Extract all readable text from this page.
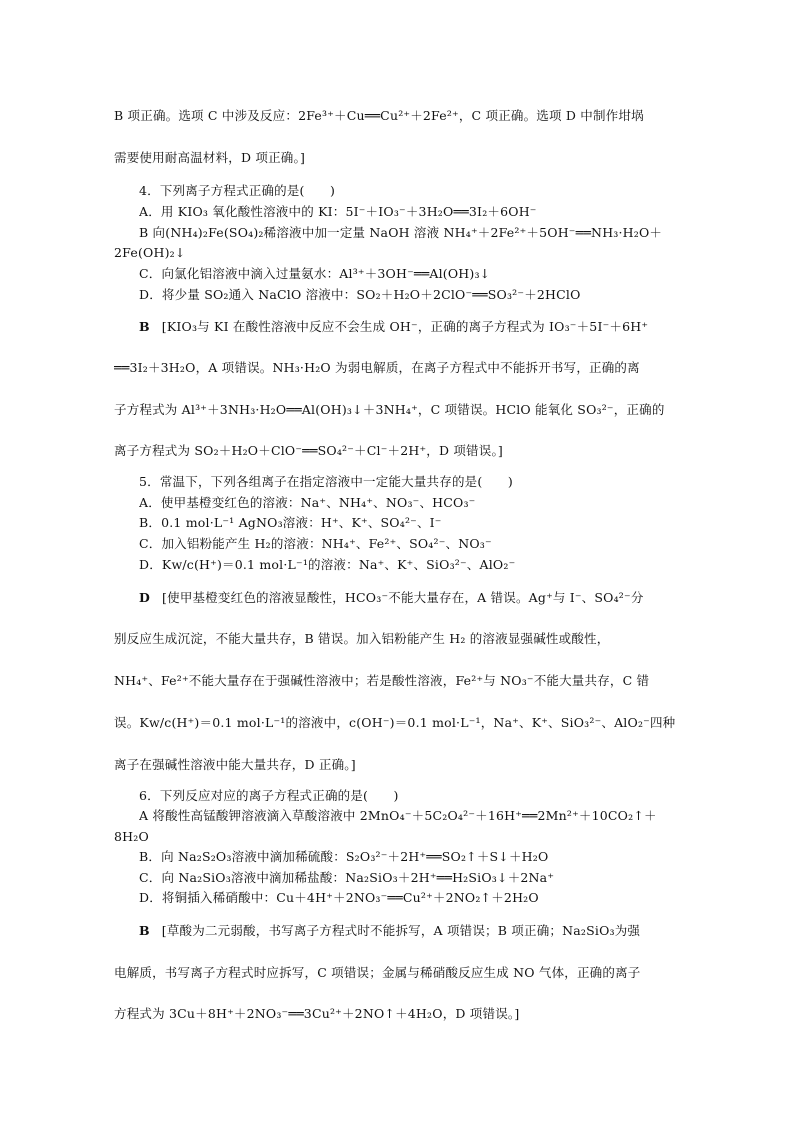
B 项正确。选项 C 中涉及反应：2Fe³⁺＋Cu══Cu²⁺＋2Fe²⁺，C 项正确。选项 D 中制作坩埚
需要使用耐高温材料，D 项正确。]
4．下列离子方程式正确的是(　　)
A．用 KIO₃ 氧化酸性溶液中的 KI：5I⁻＋IO₃⁻＋3H₂O══3I₂＋6OH⁻
B 向(NH₄)₂Fe(SO₄)₂稀溶液中加一定量 NaOH 溶液 NH₄⁺＋2Fe²⁺＋5OH⁻══NH₃·H₂O＋
2Fe(OH)₂↓
C．向氯化铝溶液中滴入过量氨水：Al³⁺＋3OH⁻══Al(OH)₃↓
D．将少量 SO₂通入 NaClO 溶液中：SO₂＋H₂O＋2ClO⁻══SO₃²⁻＋2HClO
B [KIO₃与 KI 在酸性溶液中反应不会生成 OH⁻，正确的离子方程式为 IO₃⁻＋5I⁻＋6H⁺
══3I₂＋3H₂O，A 项错误。NH₃·H₂O 为弱电解质，在离子方程式中不能拆开书写，正确的离
子方程式为 Al³⁺＋3NH₃·H₂O══Al(OH)₃↓＋3NH₄⁺，C 项错误。HClO 能氧化 SO₃²⁻，正确的
离子方程式为 SO₂＋H₂O＋ClO⁻══SO₄²⁻＋Cl⁻＋2H⁺，D 项错误。]
5．常温下，下列各组离子在指定溶液中一定能大量共存的是(　　)
A．使甲基橙变红色的溶液：Na⁺、NH₄⁺、NO₃⁻、HCO₃⁻
B．0.1 mol·L⁻¹ AgNO₃溶液：H⁺、K⁺、SO₄²⁻、I⁻
C．加入铝粉能产生 H₂的溶液：NH₄⁺、Fe²⁺、SO₄²⁻、NO₃⁻
D．Kw/c(H⁺)＝0.1 mol·L⁻¹的溶液：Na⁺、K⁺、SiO₃²⁻、AlO₂⁻
D [使甲基橙变红色的溶液显酸性，HCO₃⁻不能大量存在，A 错误。Ag⁺与 I⁻、SO₄²⁻分
别反应生成沉淀，不能大量共存，B 错误。加入铝粉能产生 H₂ 的溶液显强碱性或酸性，
NH₄⁺、Fe²⁺不能大量存在于强碱性溶液中；若是酸性溶液，Fe²⁺与 NO₃⁻不能大量共存，C 错
误。Kw/c(H⁺)＝0.1 mol·L⁻¹的溶液中，c(OH⁻)＝0.1 mol·L⁻¹，Na⁺、K⁺、SiO₃²⁻、AlO₂⁻四种
离子在强碱性溶液中能大量共存，D 正确。]
6．下列反应对应的离子方程式正确的是(　　)
A 将酸性高锰酸钾溶液滴入草酸溶液中 2MnO₄⁻＋5C₂O₄²⁻＋16H⁺══2Mn²⁺＋10CO₂↑＋
8H₂O
B．向 Na₂S₂O₃溶液中滴加稀硫酸：S₂O₃²⁻＋2H⁺══SO₂↑＋S↓＋H₂O
C．向 Na₂SiO₃溶液中滴加稀盐酸：Na₂SiO₃＋2H⁺══H₂SiO₃↓＋2Na⁺
D．将铜插入稀硝酸中：Cu＋4H⁺＋2NO₃⁻══Cu²⁺＋2NO₂↑＋2H₂O
B [草酸为二元弱酸，书写离子方程式时不能拆写，A 项错误；B 项正确；Na₂SiO₃为强
电解质，书写离子方程式时应拆写，C 项错误；金属与稀硝酸反应生成 NO 气体，正确的离子
方程式为 3Cu＋8H⁺＋2NO₃⁻══3Cu²⁺＋2NO↑＋4H₂O，D 项错误。]
